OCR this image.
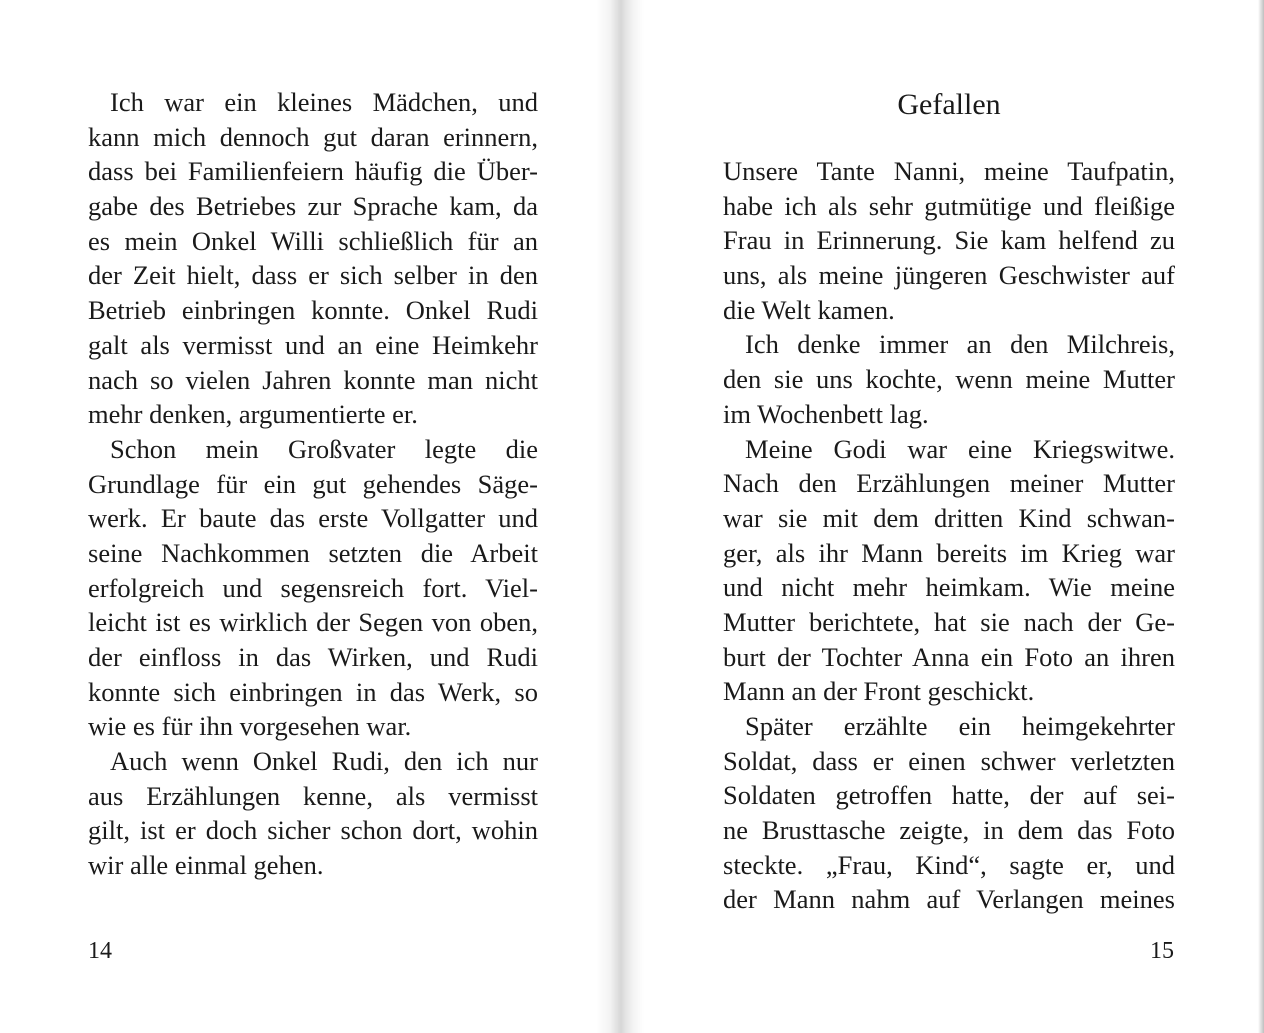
Ich war ein kleines Mädchen, und
kann mich dennoch gut daran erinnern,
dass bei Familienfeiern häufig die Über-
gabe des Betriebes zur Sprache kam, da
es mein Onkel Willi schließlich für an
der Zeit hielt, dass er sich selber in den
Betrieb einbringen konnte. Onkel Rudi
galt als vermisst und an eine Heimkehr
nach so vielen Jahren konnte man nicht
mehr denken, argumentierte er.
Schon mein Großvater legte die
Grundlage für ein gut gehendes Säge-
werk. Er baute das erste Vollgatter und
seine Nachkommen setzten die Arbeit
erfolgreich und segensreich fort. Viel-
leicht ist es wirklich der Segen von oben,
der einfloss in das Wirken, und Rudi
konnte sich einbringen in das Werk, so
wie es für ihn vorgesehen war.
Auch wenn Onkel Rudi, den ich nur
aus Erzählungen kenne, als vermisst
gilt, ist er doch sicher schon dort, wohin
wir alle einmal gehen.
Gefallen
Unsere Tante Nanni, meine Taufpatin,
habe ich als sehr gutmütige und fleißige
Frau in Erinnerung. Sie kam helfend zu
uns, als meine jüngeren Geschwister auf
die Welt kamen.
Ich denke immer an den Milchreis,
den sie uns kochte, wenn meine Mutter
im Wochenbett lag.
Meine Godi war eine Kriegswitwe.
Nach den Erzählungen meiner Mutter
war sie mit dem dritten Kind schwan-
ger, als ihr Mann bereits im Krieg war
und nicht mehr heimkam. Wie meine
Mutter berichtete, hat sie nach der Ge-
burt der Tochter Anna ein Foto an ihren
Mann an der Front geschickt.
Später erzählte ein heimgekehrter
Soldat, dass er einen schwer verletzten
Soldaten getroffen hatte, der auf sei-
ne Brusttasche zeigte, in dem das Foto
steckte. „Frau, Kind“, sagte er, und
der Mann nahm auf Verlangen meines
14	15
